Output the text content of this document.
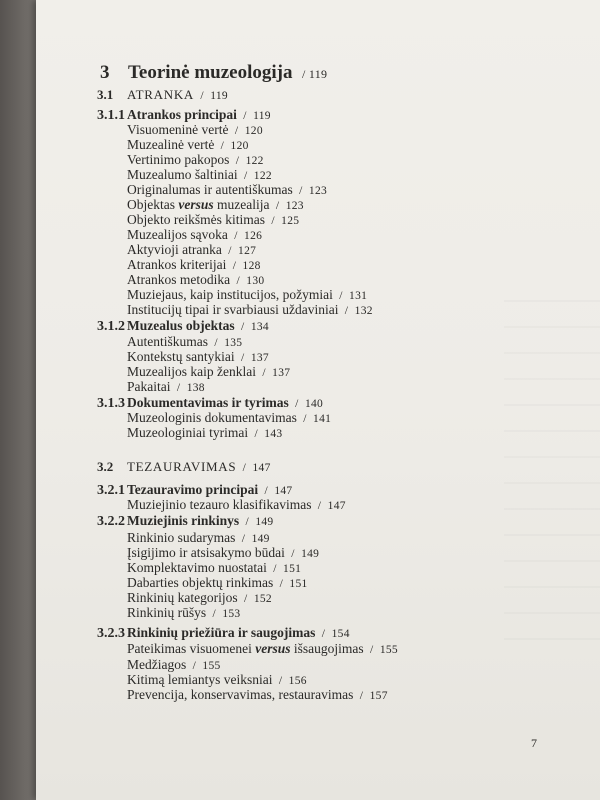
3 Teorinė muzeologija / 119
3.1 ATRANKA  /  119
3.1.1 Atrankos principai  /  119
Visuomeninė vertė  /  120
Muzealinė vertė  /  120
Vertinimo pakopos  /  122
Muzealumo šaltiniai  /  122
Originalumas ir autentiškumas  /  123
Objektas versus muzealija  /  123
Objekto reikšmės kitimas  /  125
Muzealijos sąvoka  /  126
Aktyvioji atranka  /  127
Atrankos kriterijai  /  128
Atrankos metodika  /  130
Muziejaus, kaip institucijos, požymiai  /  131
Institucijų tipai ir svarbiausi uždaviniai  /  132
3.1.2 Muzealus objektas  /  134
Autentiškumas  /  135
Kontekstų santykiai  /  137
Muzealijos kaip ženklai  /  137
Pakaitai  /  138
3.1.3 Dokumentavimas ir tyrimas  /  140
Muzeologinis dokumentavimas  /  141
Muzeologiniai tyrimai  /  143
3.2 TEZAURAVIMAS  /  147
3.2.1 Tezauravimo principai  /  147
Muziejinio tezauro klasifikavimas  /  147
3.2.2 Muziejinis rinkinys  /  149
Rinkinio sudarymas  /  149
Įsigijimo ir atsisakymo būdai  /  149
Komplektavimo nuostatai  /  151
Dabarties objektų rinkimas  /  151
Rinkinių kategorijos  /  152
Rinkinių rūšys  /  153
3.2.3 Rinkinių priežiūra ir saugojimas  /  154
Pateikimas visuomenei versus išsaugojimas  /  155
Medžiagos  /  155
Kitimą lemiantys veiksniai  /  156
Prevencija, konservavimas, restauravimas  /  157
7
